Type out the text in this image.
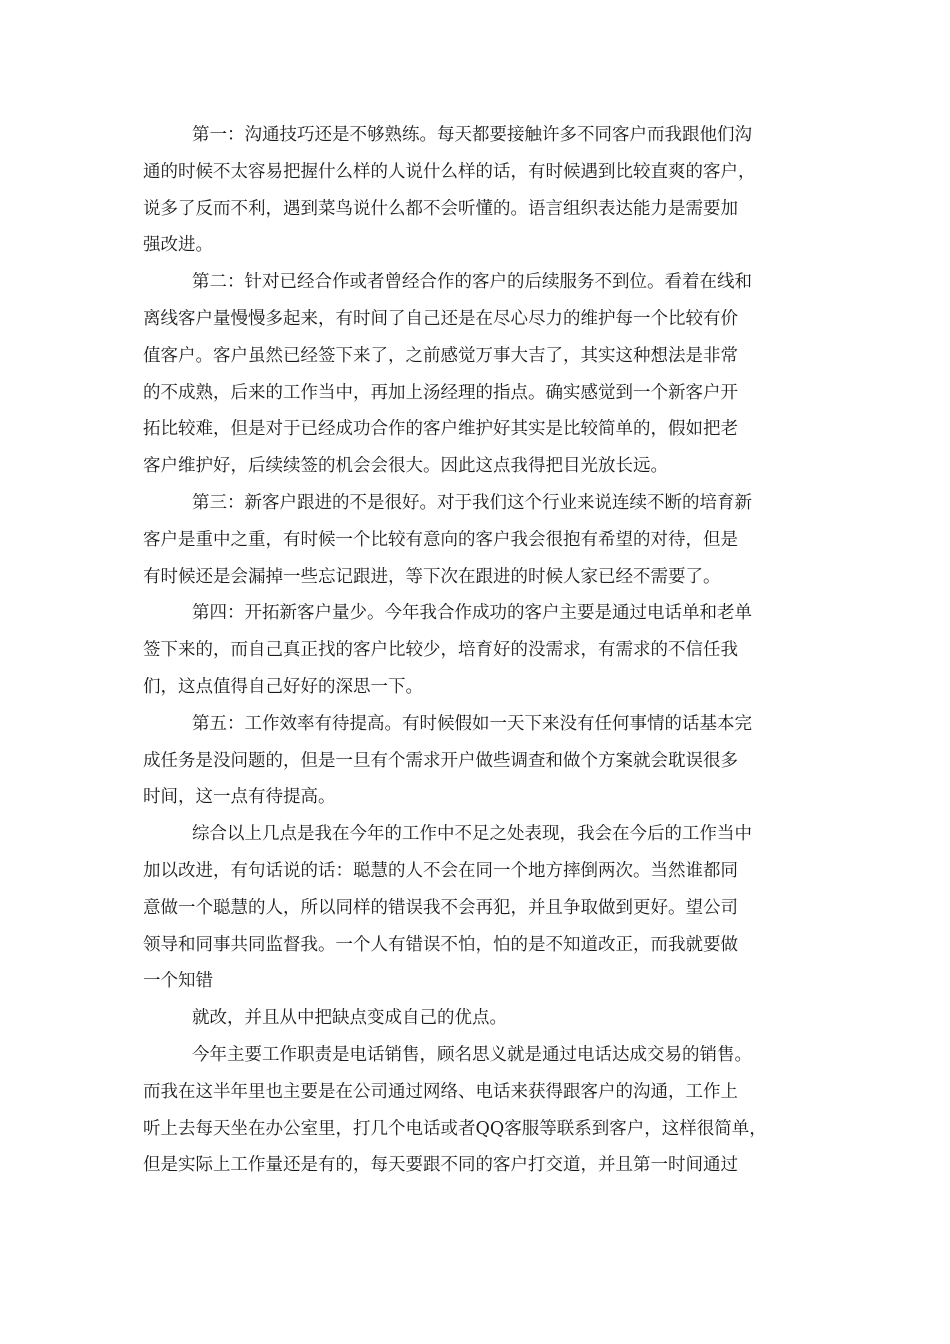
第一：沟通技巧还是不够熟练。每天都要接触许多不同客户而我跟他们沟
通的时候不太容易把握什么样的人说什么样的话，有时候遇到比较直爽的客户，
说多了反而不利，遇到菜鸟说什么都不会听懂的。语言组织表达能力是需要加
强改进。

第二：针对已经合作或者曾经合作的客户的后续服务不到位。看着在线和
离线客户量慢慢多起来，有时间了自己还是在尽心尽力的维护每一个比较有价
值客户。客户虽然已经签下来了，之前感觉万事大吉了，其实这种想法是非常
的不成熟，后来的工作当中，再加上汤经理的指点。确实感觉到一个新客户开
拓比较难，但是对于已经成功合作的客户维护好其实是比较简单的，假如把老
客户维护好，后续续签的机会会很大。因此这点我得把目光放长远。

第三：新客户跟进的不是很好。对于我们这个行业来说连续不断的培育新
客户是重中之重，有时候一个比较有意向的客户我会很抱有希望的对待，但是
有时候还是会漏掉一些忘记跟进，等下次在跟进的时候人家已经不需要了。

第四：开拓新客户量少。今年我合作成功的客户主要是通过电话单和老单
签下来的，而自己真正找的客户比较少，培育好的没需求，有需求的不信任我
们，这点值得自己好好的深思一下。

第五：工作效率有待提高。有时候假如一天下来没有任何事情的话基本完
成任务是没问题的，但是一旦有个需求开户做些调查和做个方案就会耽误很多
时间，这一点有待提高。

综合以上几点是我在今年的工作中不足之处表现，我会在今后的工作当中
加以改进，有句话说的话：聪慧的人不会在同一个地方摔倒两次。当然谁都同
意做一个聪慧的人，所以同样的错误我不会再犯，并且争取做到更好。望公司
领导和同事共同监督我。一个人有错误不怕，怕的是不知道改正，而我就要做
一个知错

就改，并且从中把缺点变成自己的优点。

今年主要工作职责是电话销售，顾名思义就是通过电话达成交易的销售。
而我在这半年里也主要是在公司通过网络、电话来获得跟客户的沟通，工作上
听上去每天坐在办公室里，打几个电话或者QQ客服等联系到客户，这样很简单，
但是实际上工作量还是有的，每天要跟不同的客户打交道，并且第一时间通过
